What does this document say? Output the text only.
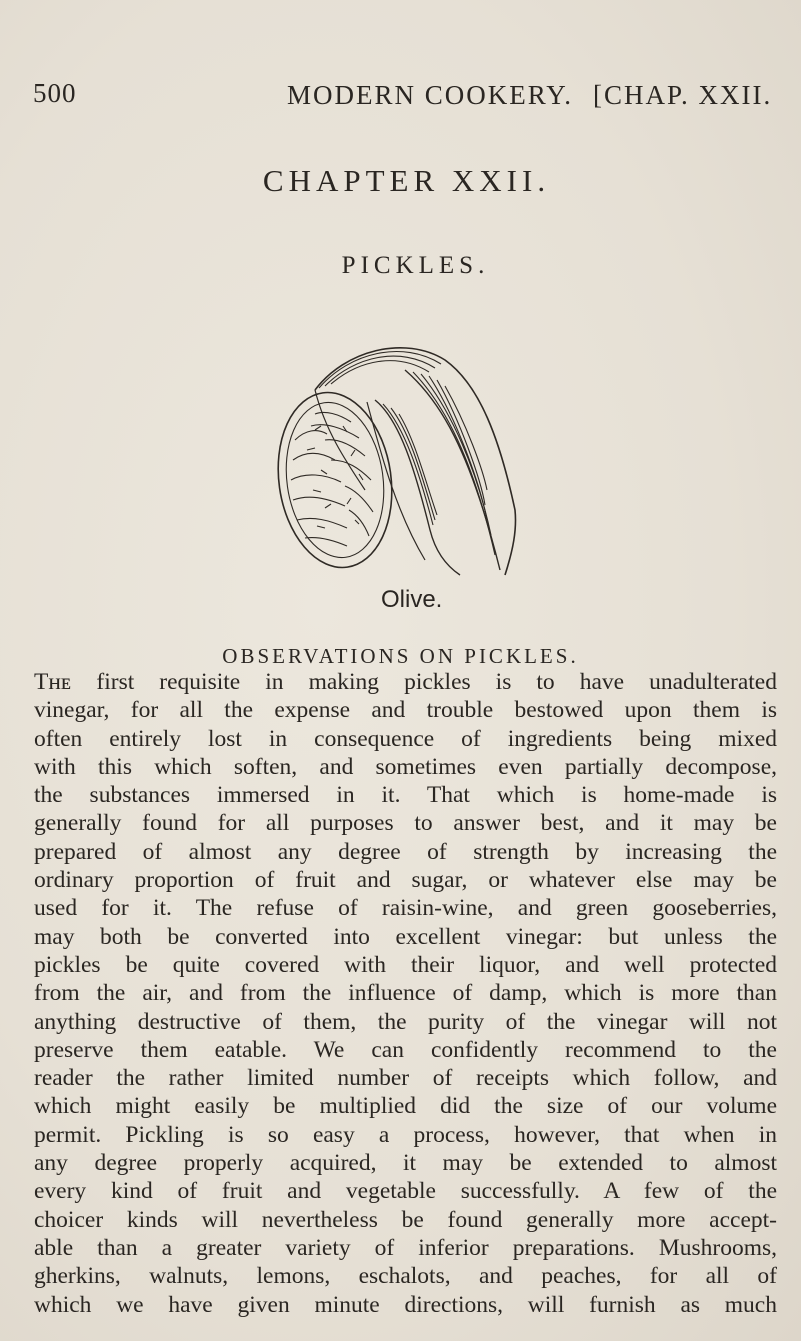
500	MODERN COOKERY. [CHAP. XXII.
CHAPTER XXII.
PICKLES.
Olive.
OBSERVATIONS ON PICKLES.
Tʜᴇ first requisite in making pickles is to have unadulterated
vinegar, for all the expense and trouble bestowed upon them is
often entirely lost in consequence of ingredients being mixed
with this which soften, and sometimes even partially decompose,
the substances immersed in it. That which is home-made is
generally found for all purposes to answer best, and it may be
prepared of almost any degree of strength by increasing the
ordinary proportion of fruit and sugar, or whatever else may be
used for it. The refuse of raisin-wine, and green gooseberries,
may both be converted into excellent vinegar: but unless the
pickles be quite covered with their liquor, and well protected
from the air, and from the influence of damp, which is more than
anything destructive of them, the purity of the vinegar will not
preserve them eatable. We can confidently recommend to the
reader the rather limited number of receipts which follow, and
which might easily be multiplied did the size of our volume
permit. Pickling is so easy a process, however, that when in
any degree properly acquired, it may be extended to almost
every kind of fruit and vegetable successfully. A few of the
choicer kinds will nevertheless be found generally more accept-
able than a greater variety of inferior preparations. Mushrooms,
gherkins, walnuts, lemons, eschalots, and peaches, for all of
which we have given minute directions, will furnish as much
